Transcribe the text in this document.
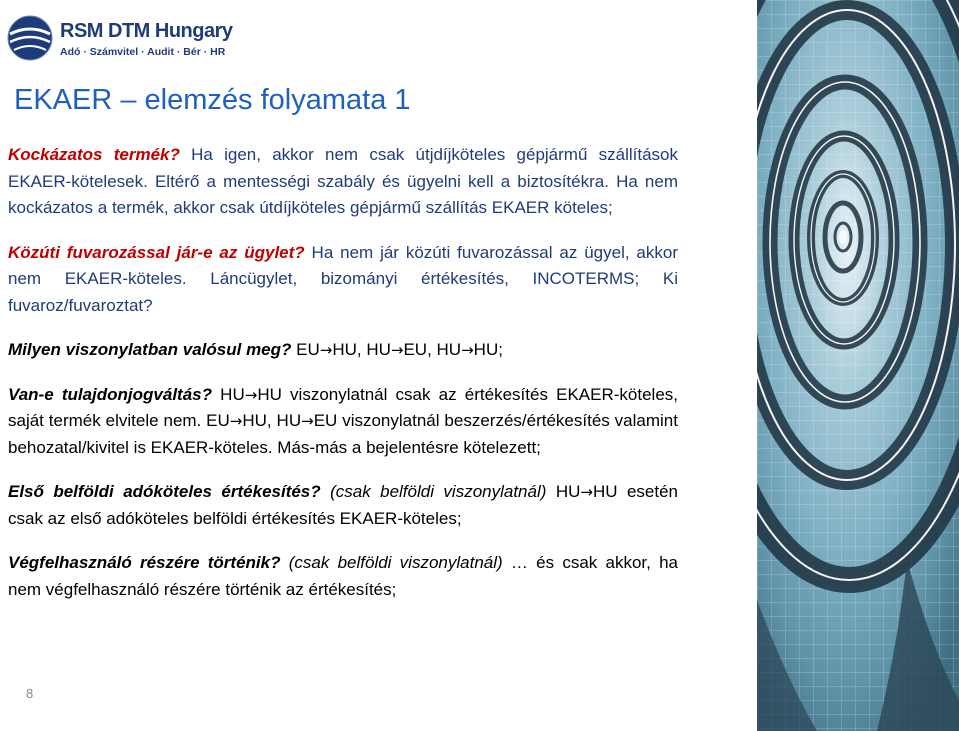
RSM DTM Hungary
Adó · Számvitel · Audit · Bér · HR
EKAER – elemzés folyamata 1

Kockázatos termék? Ha igen, akkor nem csak útjdíjköteles gépjármű szállítások EKAER-kötelesek. Eltérő a mentességi szabály és ügyelni kell a biztosítékra. Ha nem kockázatos a termék, akkor csak útdíjköteles gépjármű szállítás EKAER köteles;

Közúti fuvarozással jár-e az ügylet? Ha nem jár közúti fuvarozással az ügyel, akkor nem EKAER-köteles. Láncügylet, bizományi értékesítés, INCOTERMS; Ki fuvaroz/fuvaroztat?

Milyen viszonylatban valósul meg? EU→HU, HU→EU, HU→HU;

Van-e tulajdonjogváltás? HU→HU viszonylatnál csak az értékesítés EKAER-köteles, saját termék elvitele nem. EU→HU, HU→EU viszonylatnál beszerzés/értékesítés valamint behozatal/kivitel is EKAER-köteles. Más-más a bejelentésre kötelezett;

Első belföldi adóköteles értékesítés? (csak belföldi viszonylatnál) HU→HU esetén csak az első adóköteles belföldi értékesítés EKAER-köteles;

Végfelhasználó részére történik? (csak belföldi viszonylatnál) … és csak akkor, ha nem végfelhasználó részére történik az értékesítés;

8
